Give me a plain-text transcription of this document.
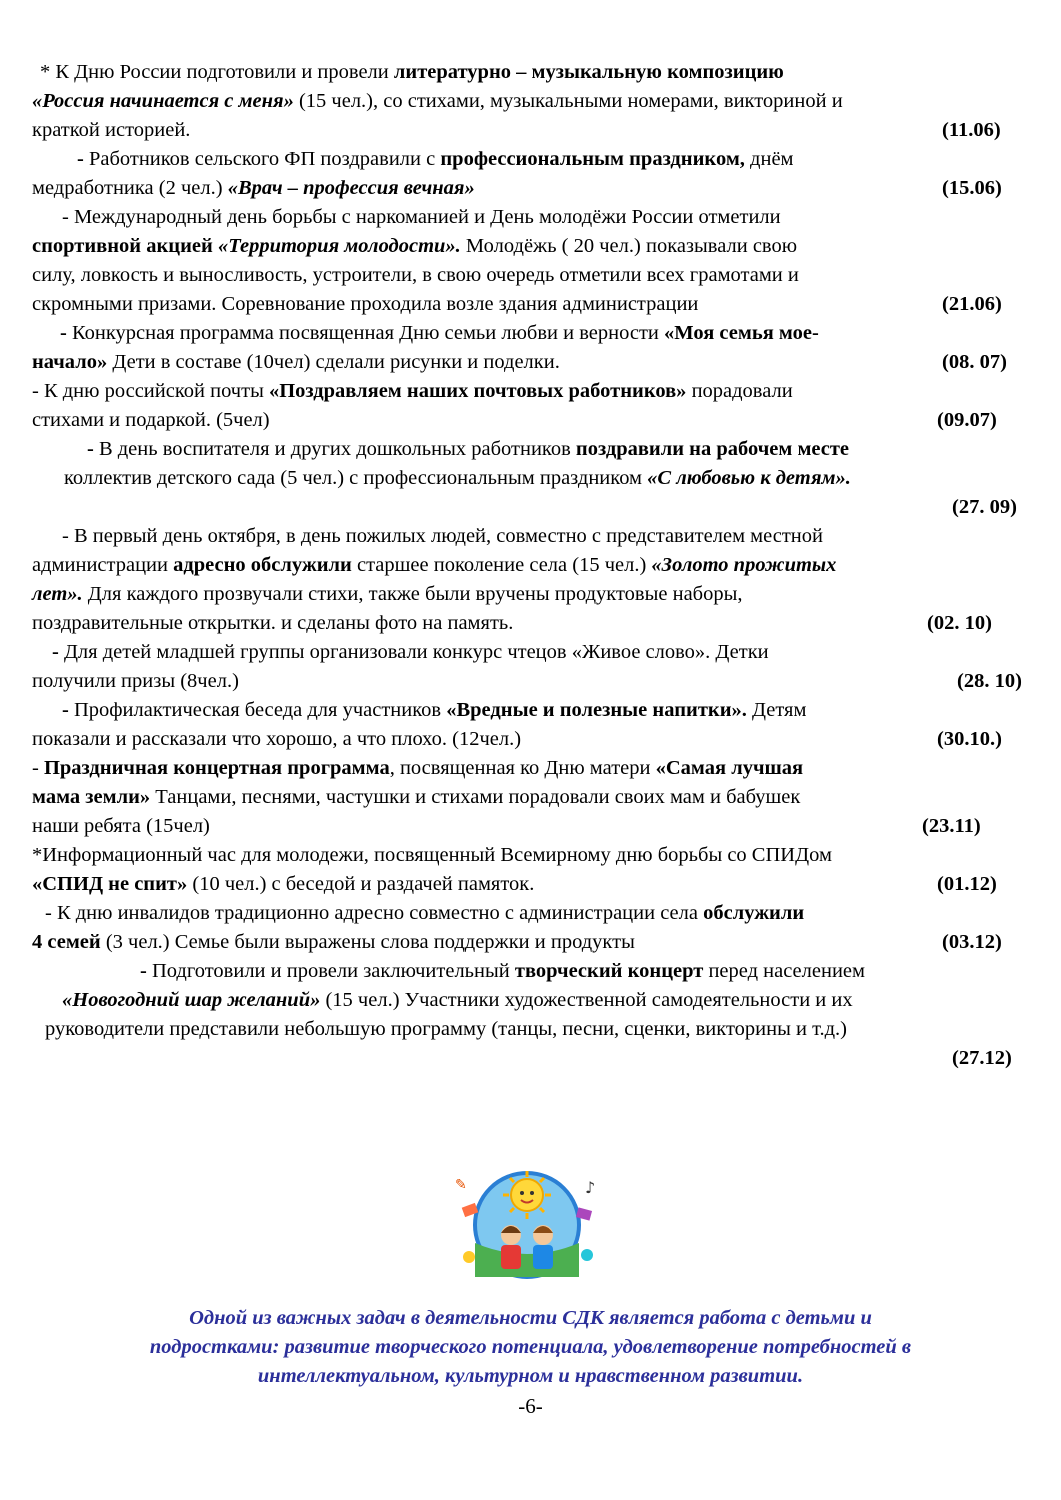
* К Дню России подготовили и провели литературно – музыкальную композицию
«Россия начинается с меня» (15 чел.), со стихами, музыкальными номерами, викториной и
краткой историей.	(11.06)
- Работников сельского ФП поздравили с профессиональным праздником, днём
медработника (2 чел.) «Врач – профессия вечная»	(15.06)
- Международный день борьбы с наркоманией и День молодёжи России отметили
спортивной акцией «Территория молодости». Молодёжь ( 20 чел.) показывали свою
силу, ловкость и выносливость, устроители, в свою очередь отметили всех грамотами и
скромными призами. Соревнование проходила возле здания администрации	(21.06)
- Конкурсная программа посвященная Дню семьи любви и верности «Моя семья мое-
начало» Дети в составе (10чел) сделали рисунки и поделки.	(08. 07)
- К дню российской почты «Поздравляем наших почтовых работников» порадовали
стихами и подаркой. (5чел)	(09.07)
- В день воспитателя и других дошкольных работников поздравили на рабочем месте
коллектив детского сада (5 чел.) с профессиональным праздником «С любовью к детям».
(27. 09)
- В первый день октября, в день пожилых людей, совместно с представителем местной
администрации адресно обслужили старшее поколение села (15 чел.) «Золото прожитых
лет». Для каждого прозвучали стихи, также были вручены продуктовые наборы,
поздравительные открытки. и сделаны фото на память.	(02. 10)
- Для детей младшей группы организовали конкурс чтецов «Живое слово». Детки
получили призы (8чел.)	(28. 10)
- Профилактическая беседа для участников «Вредные и полезные напитки». Детям
показали и рассказали что хорошо, а что плохо. (12чел.)	(30.10.)
- Праздничная концертная программа, посвященная ко Дню матери «Самая лучшая
мама земли» Танцами, песнями, частушки и стихами порадовали своих мам и бабушек
наши ребята (15чел)	(23.11)
*Информационный час для молодежи, посвященный Всемирному дню борьбы со СПИДом
«СПИД не спит» (10 чел.) с беседой и раздачей памяток.	(01.12)
- К дню инвалидов традиционно адресно совместно с администрации села обслужили
4 семей (3 чел.) Семье были выражены слова поддержки и продукты	(03.12)
- Подготовили и провели заключительный творческий концерт перед населением
«Новогодний шар желаний» (15 чел.) Участники художественной самодеятельности и их
руководители представили небольшую программу (танцы, песни, сценки, викторины и т.д.)
(27.12)
♪
✎
Одной из важных задач в деятельности СДК является работа с детьми и
подростками: развитие творческого потенциала, удовлетворение потребностей в
интеллектуальном, культурном и нравственном развитии.
-6-
